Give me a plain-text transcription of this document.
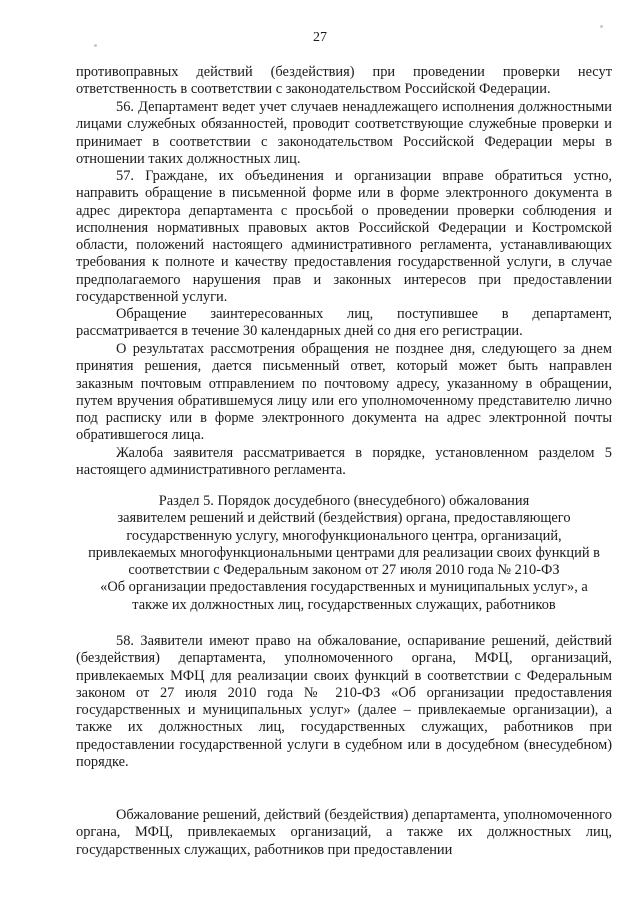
27

противоправных действий (бездействия) при проведении проверки несут ответственность в соответствии с законодательством Российской Федерации.

56. Департамент ведет учет случаев ненадлежащего исполнения должностными лицами служебных обязанностей, проводит соответствующие служебные проверки и принимает в соответствии с законодательством Российской Федерации меры в отношении таких должностных лиц.

57. Граждане, их объединения и организации вправе обратиться устно, направить обращение в письменной форме или в форме электронного документа в адрес директора департамента с просьбой о проведении проверки соблюдения и исполнения нормативных правовых актов Российской Федерации и Костромской области, положений настоящего административного регламента, устанавливающих требования к полноте и качеству предоставления государственной услуги, в случае предполагаемого нарушения прав и законных интересов при предоставлении государственной услуги.

Обращение заинтересованных лиц, поступившее в департамент, рассматривается в течение 30 календарных дней со дня его регистрации.

О результатах рассмотрения обращения не позднее дня, следующего за днем принятия решения, дается письменный ответ, который может быть направлен заказным почтовым отправлением по почтовому адресу, указанному в обращении, путем вручения обратившемуся лицу или его уполномоченному представителю лично под расписку или в форме электронного документа на адрес электронной почты обратившегося лица.

Жалоба заявителя рассматривается в порядке, установленном разделом 5 настоящего административного регламента.

Раздел 5. Порядок досудебного (внесудебного) обжалования
заявителем решений и действий (бездействия) органа, предоставляющего
государственную услугу, многофункционального центра, организаций,
привлекаемых многофункциональными центрами для реализации своих функций в
соответствии с Федеральным законом от 27 июля 2010 года № 210-ФЗ
«Об организации предоставления государственных и муниципальных услуг», а
также их должностных лиц, государственных служащих, работников

58. Заявители имеют право на обжалование, оспаривание решений, действий (бездействия) департамента, уполномоченного органа, МФЦ, организаций, привлекаемых МФЦ для реализации своих функций в соответствии с Федеральным законом от 27 июля 2010 года № 210-ФЗ «Об организации предоставления государственных и муниципальных услуг» (далее – привлекаемые организации), а также их должностных лиц, государственных служащих, работников при предоставлении государственной услуги в судебном или в досудебном (внесудебном) порядке.

Обжалование решений, действий (бездействия) департамента, уполномоченного органа, МФЦ, привлекаемых организаций, а также их должностных лиц, государственных служащих, работников при предоставлении
